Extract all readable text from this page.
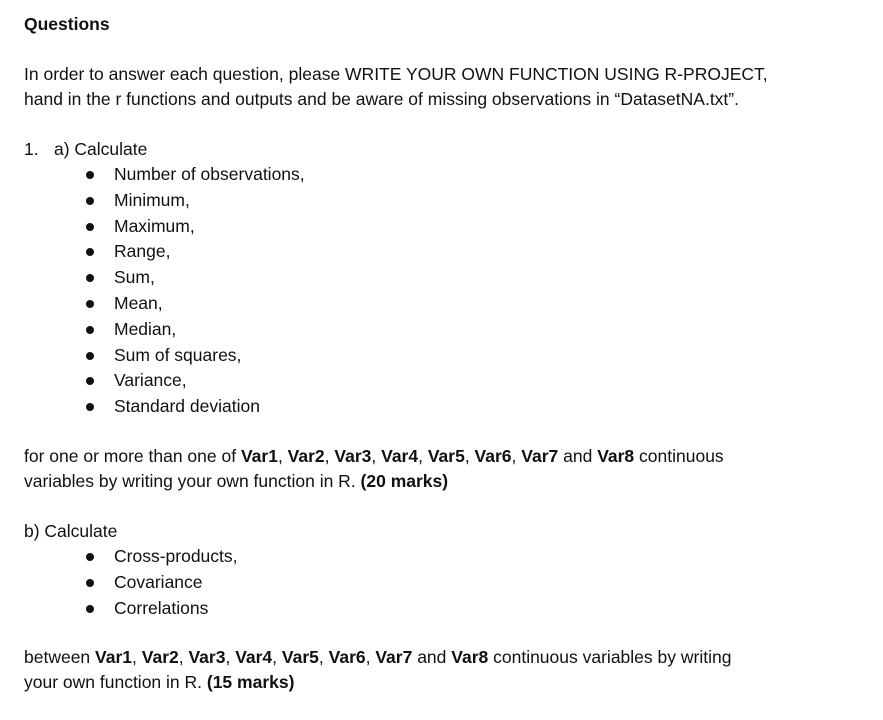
Questions
In order to answer each question, please WRITE YOUR OWN FUNCTION USING R-PROJECT,
hand in the r functions and outputs and be aware of missing observations in “DatasetNA.txt”.
1. a) Calculate
Number of observations,
Minimum,
Maximum,
Range,
Sum,
Mean,
Median,
Sum of squares,
Variance,
Standard deviation
for one or more than one of Var1, Var2, Var3, Var4, Var5, Var6, Var7 and Var8 continuous
variables by writing your own function in R. (20 marks)
b) Calculate
Cross-products,
Covariance
Correlations
between Var1, Var2, Var3, Var4, Var5, Var6, Var7 and Var8 continuous variables by writing
your own function in R. (15 marks)
